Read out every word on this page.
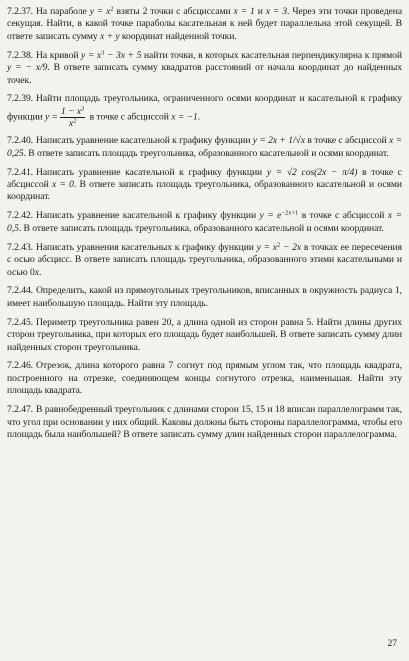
7.2.37. На параболе $y = x^2$ взяты 2 точки с абсциссами x = 1 и x = 3. Через эти точки проведена секущая. Найти, в какой точке параболы касательная к ней будет параллельна этой секущей. В ответе записать сумму x + y координат найденной точки.

7.2.38. На кривой $y = x^3 - 3x + 5$ найти точки, в которых касательная перпендикулярна к прямой y = − x/9. В ответе записать сумму квадратов расстояний от начала координат до найденных точек.

7.2.39. Найти площадь треугольника, ограниченного осями координат и касательной к графику функции $y = \frac{1 - x^3}{x^2}$ в точке с абсциссой x = −1.

7.2.40. Написать уравнение касательной к графику функции y = 2x + 1/√x в точке с абсциссой x = 0,25. В ответе записать площадь треугольника, образованного касательной и осями координат.

7.2.41. Написать уравнение касательной к графику функции y = √2 cos(2x − π/4) в точке с абсциссой x = 0. В ответе записать площадь треугольника, образованного касательной и осями координат.

7.2.42. Написать уравнение касательной к графику функции $y = e^{-2x+1}$ в точке с абсциссой x = 0,5. В ответе записать площадь треугольника, образованного касательной и осями координат.

7.2.43. Написать уравнения касательных к графику функции $y = x^2 - 2x$ в точках ее пересечения с осью абсцисс. В ответе записать площадь треугольника, образованного этими касательными и осью 0x.

7.2.44. Определить, какой из прямоугольных треугольников, вписанных в окружность радиуса 1, имеет наибольшую площадь. Найти эту площадь.

7.2.45. Периметр треугольника равен 20, а длина одной из сторон равна 5. Найти длины других сторон треугольника, при которых его площадь будет наибольшей. В ответе записать сумму длин найденных сторон треугольника.

7.2.46. Отрезок, длина которого равна 7 согнут под прямым углом так, что площадь квадрата, построенного на отрезке, соединяющем концы согнутого отрезка, наименьшая. Найти эту площадь квадрата.

7.2.47. В равнобедренный треугольник с длинами сторон 15, 15 и 18 вписан параллелограмм так, что угол при основании у них общий. Каковы должны быть стороны параллелограмма, чтобы его площадь была наибольшей? В ответе записать сумму длин найденных сторон параллелограмма.

27
